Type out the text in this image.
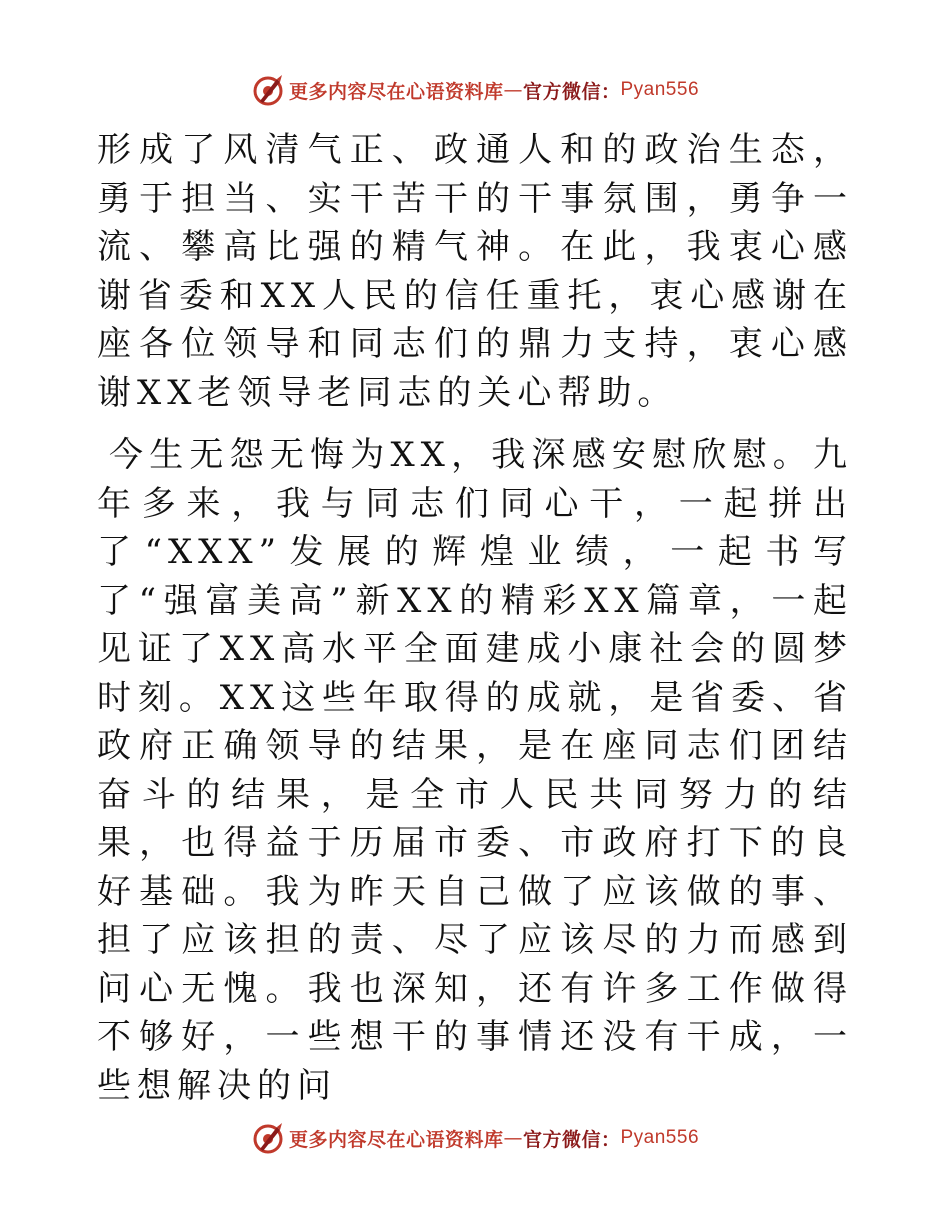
更多内容尽在心语资料库 — 官方微信： Pyan556

形成了风清气正、政通人和的政治生态，勇于担当、实干苦干的干事氛围，勇争一流、攀高比强的精气神。在此，我衷心感谢省委和XX人民的信任重托，衷心感谢在座各位领导和同志们的鼎力支持，衷心感谢XX老领导老同志的关心帮助。

今生无怨无悔为XX，我深感安慰欣慰。九年多来，我与同志们同心干，一起拼出了“XXX”发展的辉煌业绩，一起书写了“强富美高”新XX的精彩XX篇章，一起见证了XX高水平全面建成小康社会的圆梦时刻。XX这些年取得的成就，是省委、省政府正确领导的结果，是在座同志们团结奋斗的结果，是全市人民共同努力的结果，也得益于历届市委、市政府打下的良好基础。我为昨天自己做了应该做的事、担了应该担的责、尽了应该尽的力而感到问心无愧。我也深知，还有许多工作做得不够好，一些想干的事情还没有干成，一些想解决的问

更多内容尽在心语资料库 — 官方微信： Pyan556
